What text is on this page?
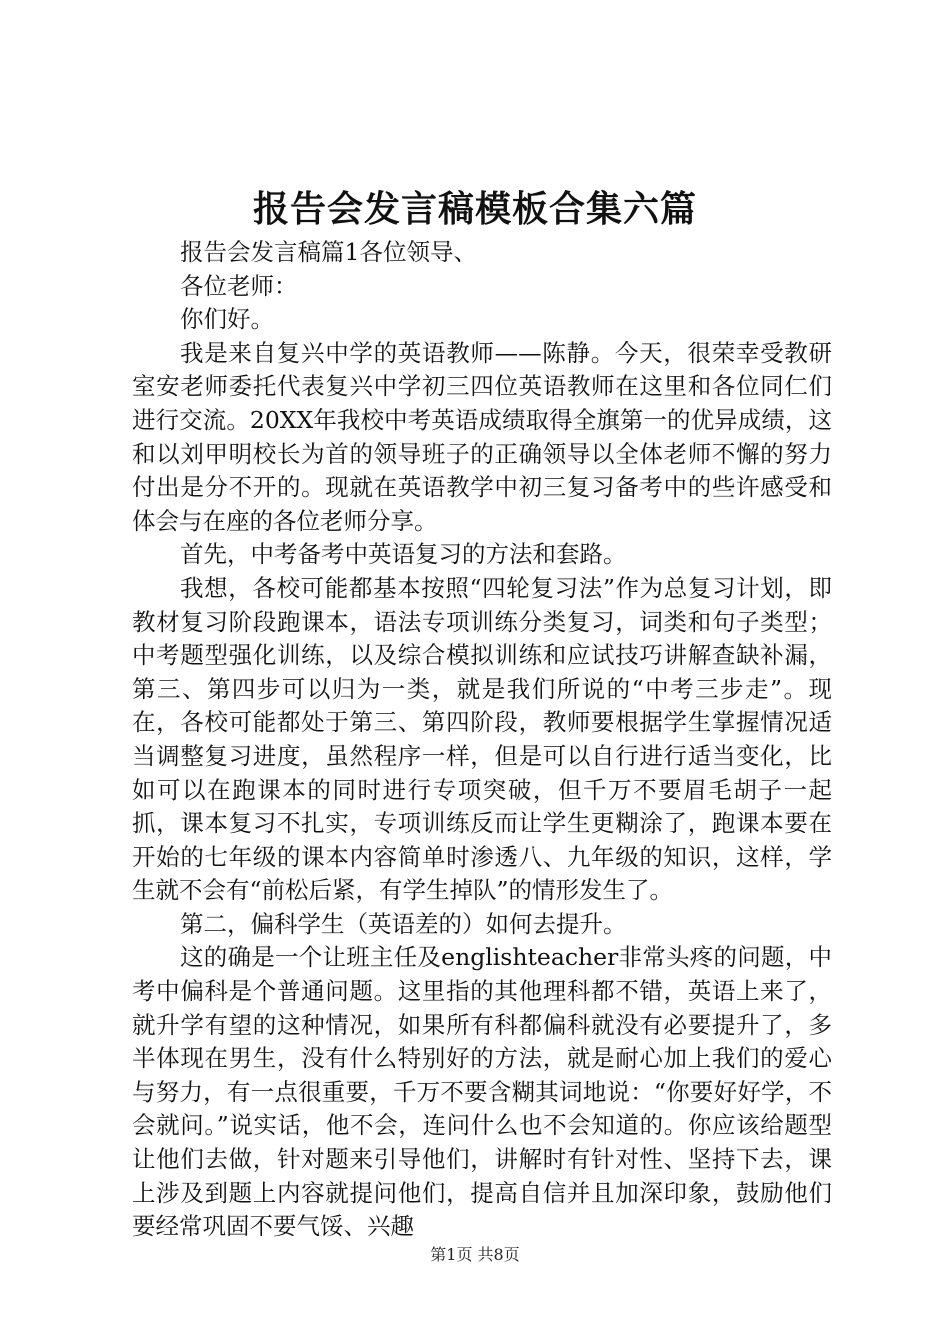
报告会发言稿模板合集六篇

报告会发言稿篇1各位领导、

各位老师：

你们好。

我是来自复兴中学的英语教师——陈静。今天，很荣幸受教研室安老师委托代表复兴中学初三四位英语教师在这里和各位同仁们进行交流。20XX年我校中考英语成绩取得全旗第一的优异成绩，这和以刘甲明校长为首的领导班子的正确领导以全体老师不懈的努力付出是分不开的。现就在英语教学中初三复习备考中的些许感受和体会与在座的各位老师分享。

首先，中考备考中英语复习的方法和套路。

我想，各校可能都基本按照“四轮复习法”作为总复习计划，即教材复习阶段跑课本，语法专项训练分类复习，词类和句子类型；中考题型强化训练，以及综合模拟训练和应试技巧讲解查缺补漏，第三、第四步可以归为一类，就是我们所说的“中考三步走”。现在，各校可能都处于第三、第四阶段，教师要根据学生掌握情况适当调整复习进度，虽然程序一样，但是可以自行进行适当变化，比如可以在跑课本的同时进行专项突破，但千万不要眉毛胡子一起抓，课本复习不扎实，专项训练反而让学生更糊涂了，跑课本要在开始的七年级的课本内容简单时渗透八、九年级的知识，这样，学生就不会有“前松后紧，有学生掉队”的情形发生了。

第二，偏科学生（英语差的）如何去提升。

这的确是一个让班主任及englishteacher非常头疼的问题，中考中偏科是个普通问题。这里指的其他理科都不错，英语上来了，就升学有望的这种情况，如果所有科都偏科就没有必要提升了，多半体现在男生，没有什么特别好的方法，就是耐心加上我们的爱心与努力，有一点很重要，千万不要含糊其词地说：“你要好好学，不会就问。”说实话，他不会，连问什么也不会知道的。你应该给题型让他们去做，针对题来引导他们，讲解时有针对性、坚持下去，课上涉及到题上内容就提问他们，提高自信并且加深印象，鼓励他们要经常巩固不要气馁、兴趣

第1页 共8页
